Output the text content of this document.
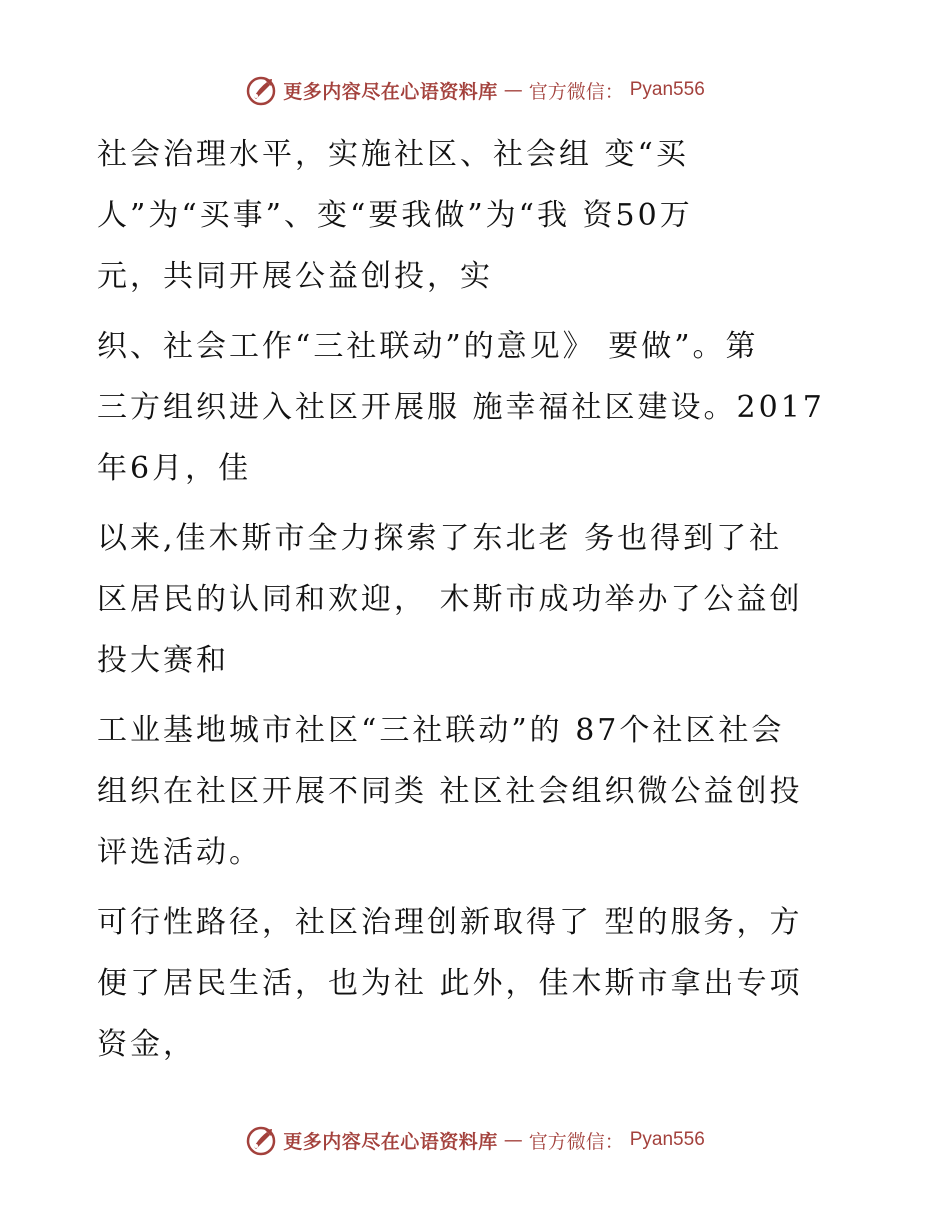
更多内容尽在心语资料库 — 官方微信： Pyan556

社会治理水平，实施社区、社会组 变“买
人”为“买事”、变“要我做”为“我 资50万
元，共同开展公益创投，实

织、社会工作“三社联动”的意见》 要做”。第
三方组织进入社区开展服 施幸福社区建设。2017
年6月，佳

以来,佳木斯市全力探索了东北老 务也得到了社
区居民的认同和欢迎， 木斯市成功举办了公益创
投大赛和

工业基地城市社区“三社联动”的 87个社区社会
组织在社区开展不同类 社区社会组织微公益创投
评选活动。

可行性路径，社区治理创新取得了 型的服务，方
便了居民生活，也为社 此外，佳木斯市拿出专项
资金，

更多内容尽在心语资料库 — 官方微信： Pyan556
